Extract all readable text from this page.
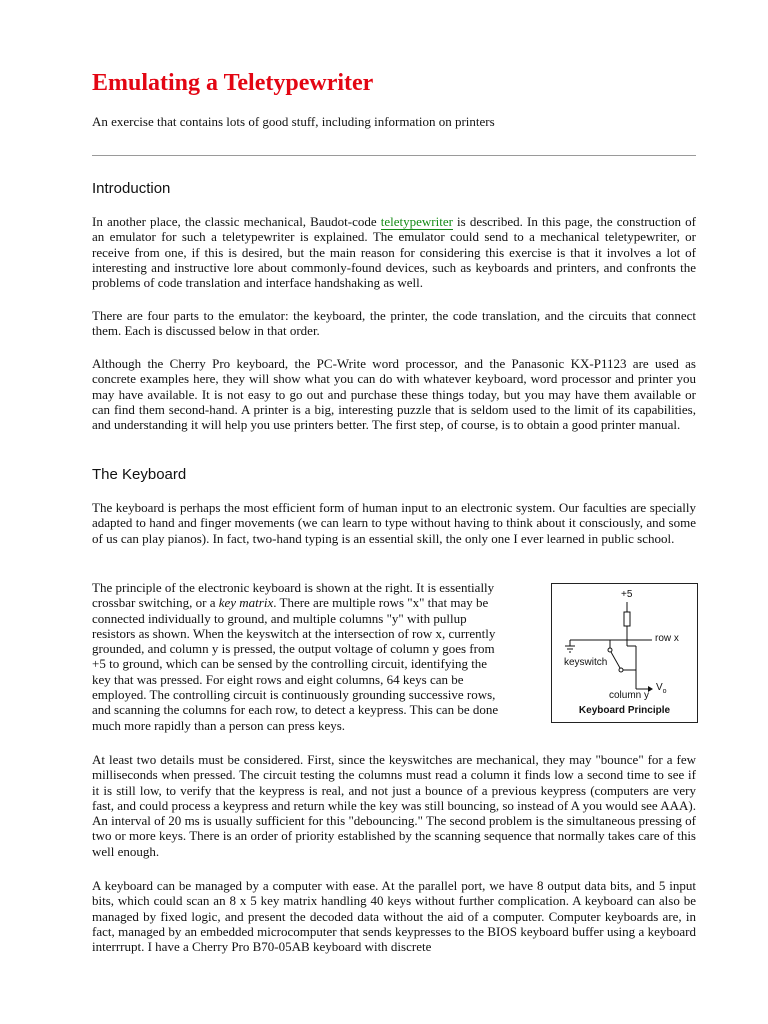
Emulating a Teletypewriter
An exercise that contains lots of good stuff, including information on printers
Introduction

In another place, the classic mechanical, Baudot-code teletypewriter is described. In this page, the construction of an emulator for such a teletypewriter is explained. The emulator could send to a mechanical teletypewriter, or receive from one, if this is desired, but the main reason for considering this exercise is that it involves a lot of interesting and instructive lore about commonly-found devices, such as keyboards and printers, and confronts the problems of code translation and interface handshaking as well.

There are four parts to the emulator: the keyboard, the printer, the code translation, and the circuits that connect them. Each is discussed below in that order.

Although the Cherry Pro keyboard, the PC-Write word processor, and the Panasonic KX-P1123 are used as concrete examples here, they will show what you can do with whatever keyboard, word processor and printer you may have available. It is not easy to go out and purchase these things today, but you may have them available or can find them second-hand. A printer is a big, interesting puzzle that is seldom used to the limit of its capabilities, and understanding it will help you use printers better. The first step, of course, is to obtain a good printer manual.

The Keyboard

The keyboard is perhaps the most efficient form of human input to an electronic system. Our faculties are specially adapted to hand and finger movements (we can learn to type without having to think about it consciously, and some of us can play pianos). In fact, two-hand typing is an essential skill, the only one I ever learned in public school.

The principle of the electronic keyboard is shown at the right. It is essentially
crossbar switching, or a key matrix. There are multiple rows "x" that may be
connected individually to ground, and multiple columns "y" with pullup
resistors as shown. When the keyswitch at the intersection of row x, currently
grounded, and column y is pressed, the output voltage of column y goes from
+5 to ground, which can be sensed by the controlling circuit, identifying the
key that was pressed. For eight rows and eight columns, 64 keys can be
employed. The controlling circuit is continuously grounding successive rows,
and scanning the columns for each row, to detect a keypress. This can be done
much more rapidly than a person can press keys.

+5
row x
keyswitch
$V_o$
column y
Keyboard Principle

At least two details must be considered. First, since the keyswitches are mechanical, they may "bounce" for a few milliseconds when pressed. The circuit testing the columns must read a column it finds low a second time to see if it is still low, to verify that the keypress is real, and not just a bounce of a previous keypress (computers are very fast, and could process a keypress and return while the key was still bouncing, so instead of A you would see AAA). An interval of 20 ms is usually sufficient for this "debouncing." The second problem is the simultaneous pressing of two or more keys. There is an order of priority established by the scanning sequence that normally takes care of this well enough.

A keyboard can be managed by a computer with ease. At the parallel port, we have 8 output data bits, and 5 input bits, which could scan an 8 x 5 key matrix handling 40 keys without further complication. A keyboard can also be managed by fixed logic, and present the decoded data without the aid of a computer. Computer keyboards are, in fact, managed by an embedded microcomputer that sends keypresses to the BIOS keyboard buffer using a keyboard interrrupt. I have a Cherry Pro B70-05AB keyboard with discrete
